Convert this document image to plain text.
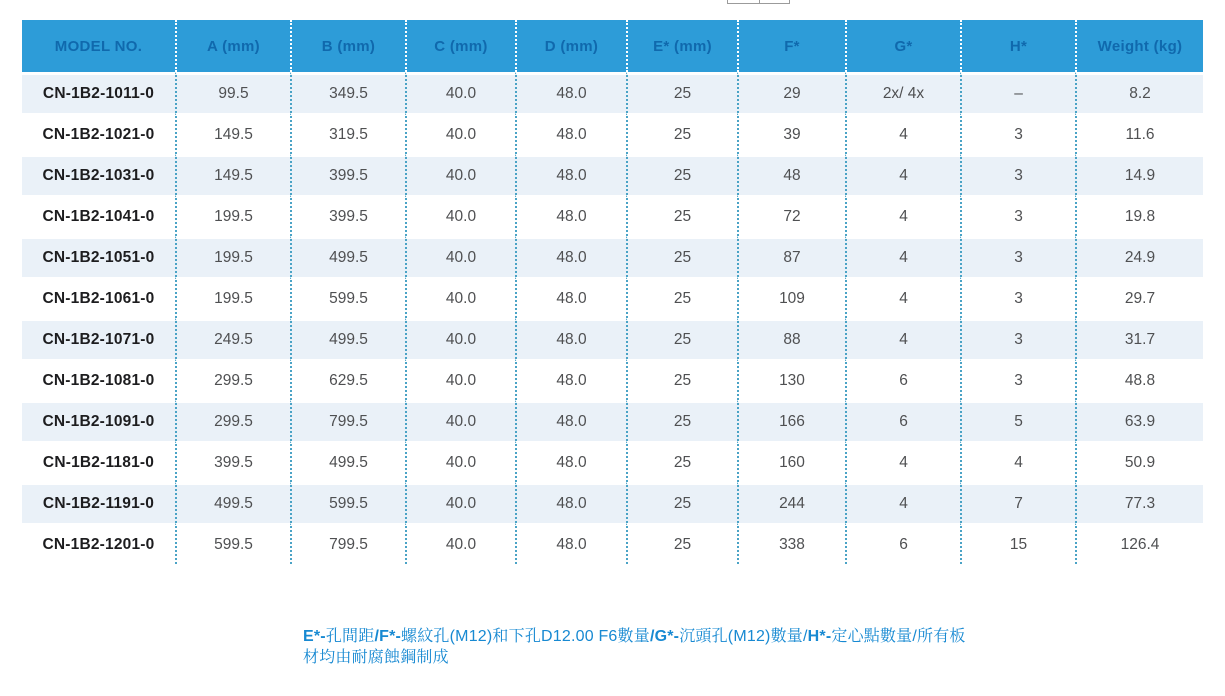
MODEL NO.	A (mm)	B (mm)	C (mm)	D (mm)	E* (mm)	F*	G*	H*	Weight (kg)
CN-1B2-1011-0	99.5	349.5	40.0	48.0	25	29	2x/ 4x	–	8.2
CN-1B2-1021-0	149.5	319.5	40.0	48.0	25	39	4	3	11.6
CN-1B2-1031-0	149.5	399.5	40.0	48.0	25	48	4	3	14.9
CN-1B2-1041-0	199.5	399.5	40.0	48.0	25	72	4	3	19.8
CN-1B2-1051-0	199.5	499.5	40.0	48.0	25	87	4	3	24.9
CN-1B2-1061-0	199.5	599.5	40.0	48.0	25	109	4	3	29.7
CN-1B2-1071-0	249.5	499.5	40.0	48.0	25	88	4	3	31.7
CN-1B2-1081-0	299.5	629.5	40.0	48.0	25	130	6	3	48.8
CN-1B2-1091-0	299.5	799.5	40.0	48.0	25	166	6	5	63.9
CN-1B2-1181-0	399.5	499.5	40.0	48.0	25	160	4	4	50.9
CN-1B2-1191-0	499.5	599.5	40.0	48.0	25	244	4	7	77.3
CN-1B2-1201-0	599.5	799.5	40.0	48.0	25	338	6	15	126.4
E*-孔間距/F*-螺紋孔(M12)和下孔D12.00 F6數量/G*-沉頭孔(M12)數量/H*-定心點數量/所有板材均由耐腐蝕鋼制成
